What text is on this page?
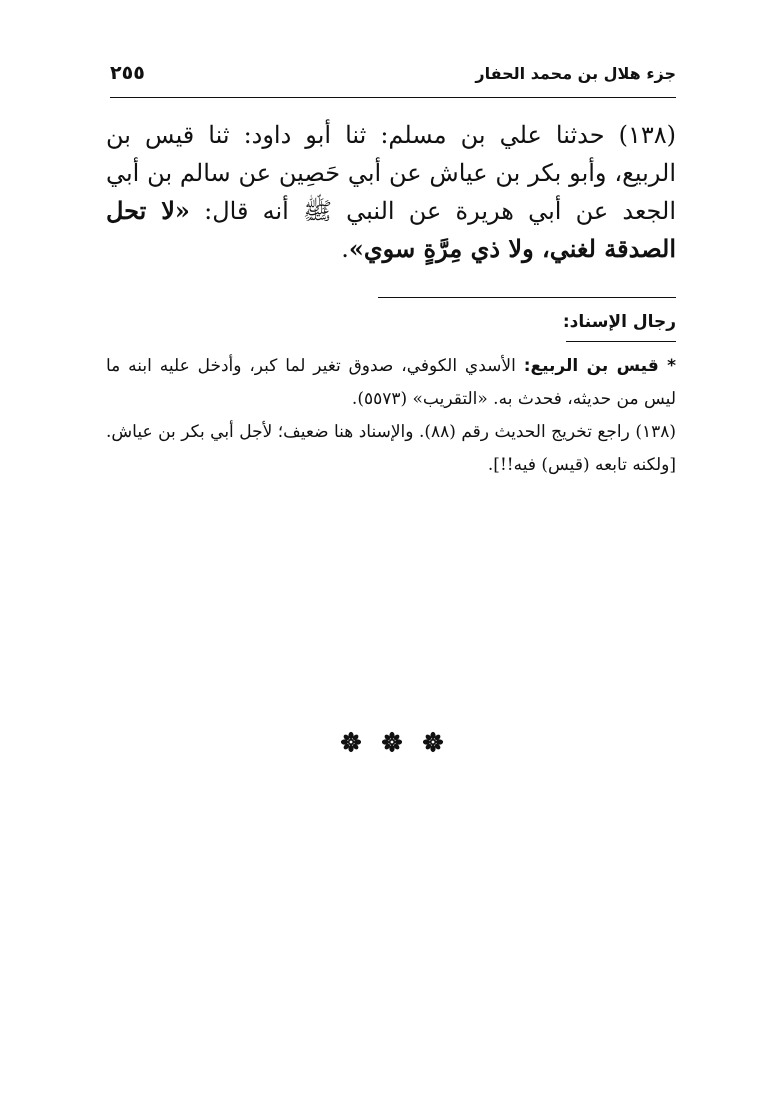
جزء هلال بن محمد الحفار
٢٥٥
(١٣٨) حدثنا علي بن مسلم: ثنا أبو داود: ثنا قيس بن الربيع، وأبو بكر بن عياش عن أبي حَصِين عن سالم بن أبي الجعد عن أبي هريرة عن النبي ﷺ أنه قال: «لا تحل الصدقة لغني، ولا ذي مِرَّةٍ سوي».
رجال الإسناد:

* قيس بن الربيع: الأسدي الكوفي، صدوق تغير لما كبر، وأدخل عليه ابنه ما ليس من حديثه، فحدث به. «التقريب» (٥٥٧٣).

(١٣٨) راجع تخريج الحديث رقم (٨٨). والإسناد هنا ضعيف؛ لأجل أبي بكر بن عياش. [ولكنه تابعه (قيس) فيه!!].
